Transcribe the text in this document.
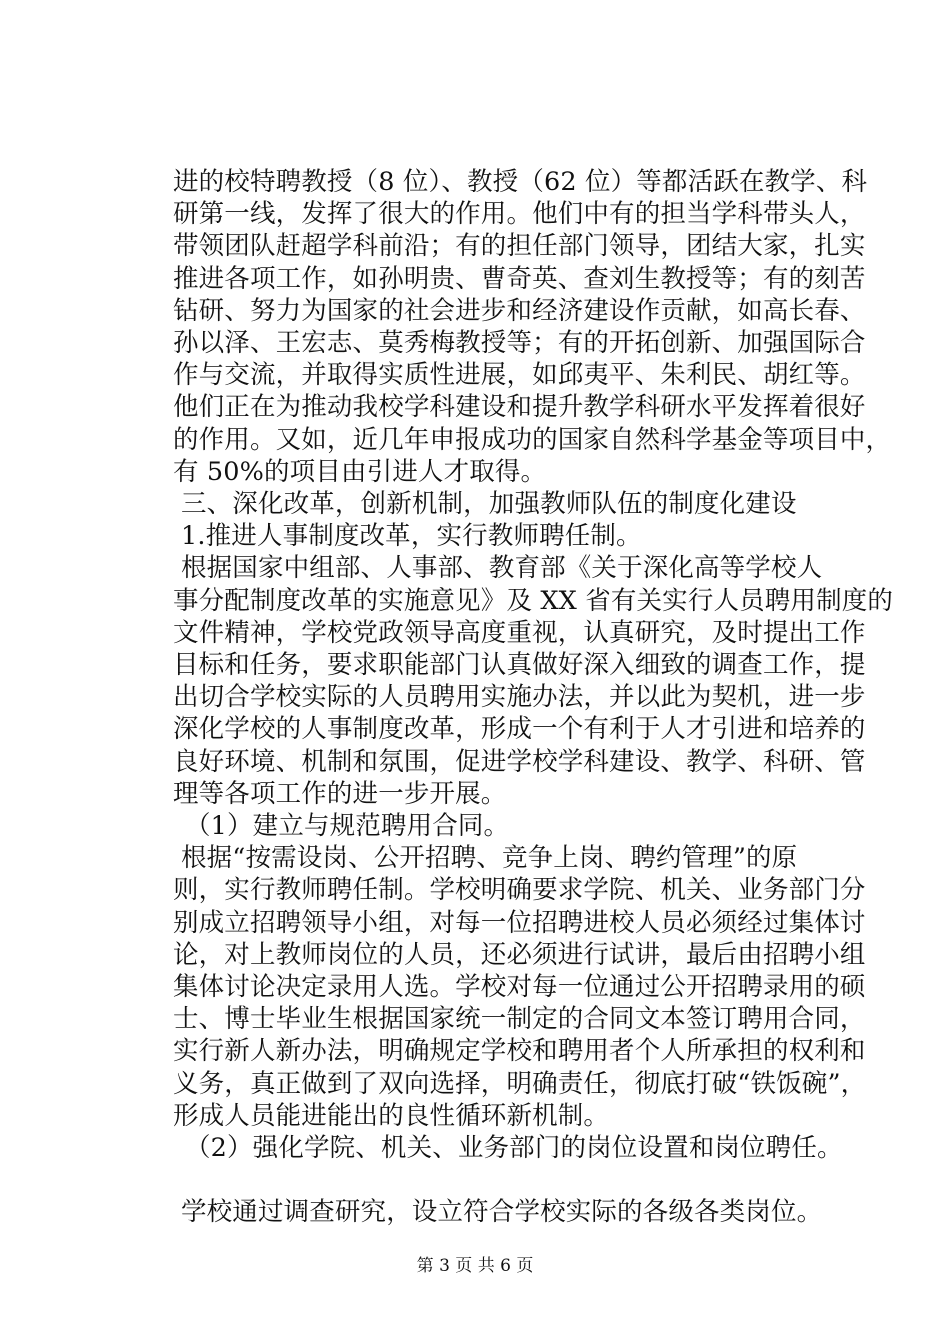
进的校特聘教授（8 位）、教授（62 位）等都活跃在教学、科
研第一线，发挥了很大的作用。他们中有的担当学科带头人，
带领团队赶超学科前沿；有的担任部门领导，团结大家，扎实
推进各项工作，如孙明贵、曹奇英、查刘生教授等；有的刻苦
钻研、努力为国家的社会进步和经济建设作贡献，如高长春、
孙以泽、王宏志、莫秀梅教授等；有的开拓创新、加强国际合
作与交流，并取得实质性进展，如邱夷平、朱利民、胡红等。
他们正在为推动我校学科建设和提升教学科研水平发挥着很好
的作用。又如，近几年申报成功的国家自然科学基金等项目中，
有 50%的项目由引进人才取得。
三、深化改革，创新机制，加强教师队伍的制度化建设
1.推进人事制度改革，实行教师聘任制。
根据国家中组部、人事部、教育部《关于深化高等学校人
事分配制度改革的实施意见》及 XX 省有关实行人员聘用制度的
文件精神，学校党政领导高度重视，认真研究，及时提出工作
目标和任务，要求职能部门认真做好深入细致的调查工作，提
出切合学校实际的人员聘用实施办法，并以此为契机，进一步
深化学校的人事制度改革，形成一个有利于人才引进和培养的
良好环境、机制和氛围，促进学校学科建设、教学、科研、管
理等各项工作的进一步开展。
（1）建立与规范聘用合同。
根据“按需设岗、公开招聘、竞争上岗、聘约管理”的原
则，实行教师聘任制。学校明确要求学院、机关、业务部门分
别成立招聘领导小组，对每一位招聘进校人员必须经过集体讨
论，对上教师岗位的人员，还必须进行试讲，最后由招聘小组
集体讨论决定录用人选。学校对每一位通过公开招聘录用的硕
士、博士毕业生根据国家统一制定的合同文本签订聘用合同，
实行新人新办法，明确规定学校和聘用者个人所承担的权利和
义务，真正做到了双向选择，明确责任，彻底打破“铁饭碗”，
形成人员能进能出的良性循环新机制。
（2）强化学院、机关、业务部门的岗位设置和岗位聘任。
学校通过调查研究，设立符合学校实际的各级各类岗位。
第 3 页 共 6 页
